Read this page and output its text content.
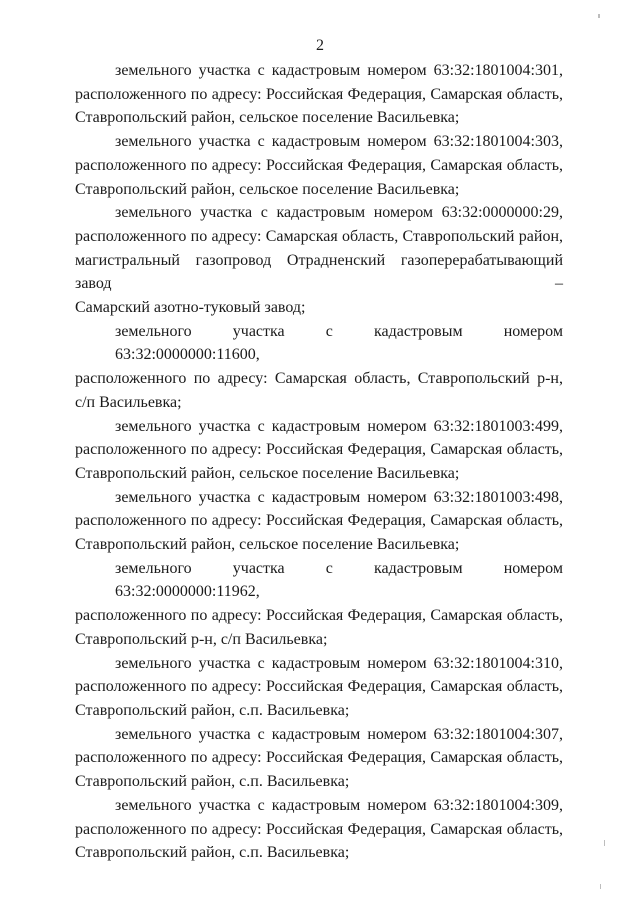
2
земельного участка с кадастровым номером 63:32:1801004:301,
расположенного по адресу: Российская Федерация, Самарская область,
Ставропольский район, сельское поселение Васильевка;
земельного участка с кадастровым номером 63:32:1801004:303,
расположенного по адресу: Российская Федерация, Самарская область,
Ставропольский район, сельское поселение Васильевка;
земельного участка с кадастровым номером 63:32:0000000:29,
расположенного по адресу: Самарская область, Ставропольский район,
магистральный газопровод Отрадненский газоперерабатывающий завод –
Самарский азотно-туковый завод;
земельного участка с кадастровым номером 63:32:0000000:11600,
расположенного по адресу: Самарская область, Ставропольский р-н,
с/п Васильевка;
земельного участка с кадастровым номером 63:32:1801003:499,
расположенного по адресу: Российская Федерация, Самарская область,
Ставропольский район, сельское поселение Васильевка;
земельного участка с кадастровым номером 63:32:1801003:498,
расположенного по адресу: Российская Федерация, Самарская область,
Ставропольский район, сельское поселение Васильевка;
земельного участка с кадастровым номером 63:32:0000000:11962,
расположенного по адресу: Российская Федерация, Самарская область,
Ставропольский р-н, с/п Васильевка;
земельного участка с кадастровым номером 63:32:1801004:310,
расположенного по адресу: Российская Федерация, Самарская область,
Ставропольский район, с.п. Васильевка;
земельного участка с кадастровым номером 63:32:1801004:307,
расположенного по адресу: Российская Федерация, Самарская область,
Ставропольский район, с.п. Васильевка;
земельного участка с кадастровым номером 63:32:1801004:309,
расположенного по адресу: Российская Федерация, Самарская область,
Ставропольский район, с.п. Васильевка;
